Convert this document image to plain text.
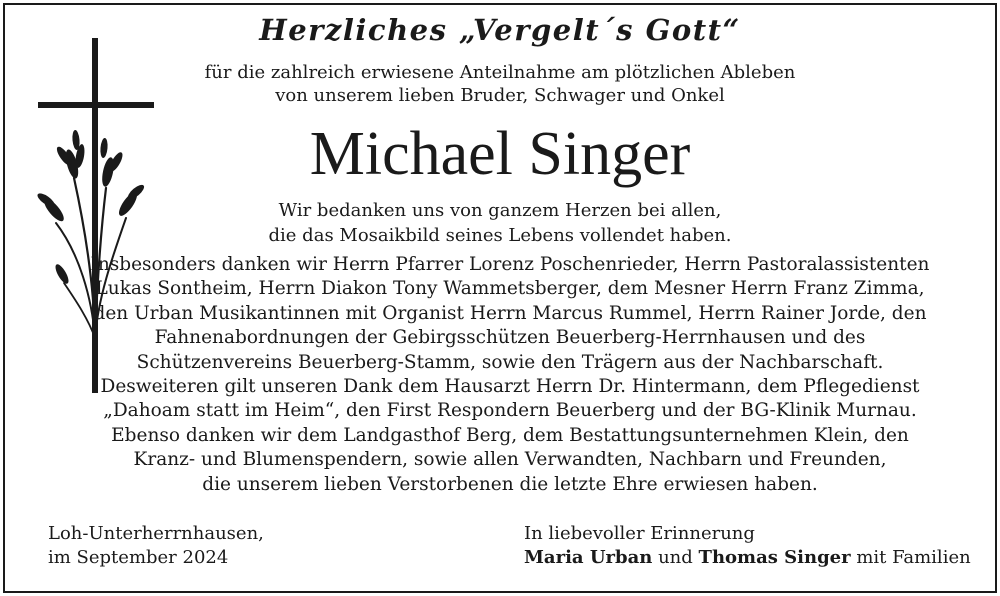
Herzliches „Vergelt´s Gott“
für die zahlreich erwiesene Anteilnahme am plötzlichen Ableben
von unserem lieben Bruder, Schwager und Onkel
Michael Singer
Wir bedanken uns von ganzem Herzen bei allen,
die das Mosaikbild seines Lebens vollendet haben.
Insbesonders danken wir Herrn Pfarrer Lorenz Poschenrieder, Herrn Pastoralassistenten
Lukas Sontheim, Herrn Diakon Tony Wammetsberger, dem Mesner Herrn Franz Zimma,
den Urban Musikantinnen mit Organist Herrn Marcus Rummel, Herrn Rainer Jorde, den
Fahnenabordnungen der Gebirgsschützen Beuerberg-Herrnhausen und des
Schützenvereins Beuerberg-Stamm, sowie den Trägern aus der Nachbarschaft.
Desweiteren gilt unseren Dank dem Hausarzt Herrn Dr. Hintermann, dem Pflegedienst
„Dahoam statt im Heim“, den First Respondern Beuerberg und der BG-Klinik Murnau.
Ebenso danken wir dem Landgasthof Berg, dem Bestattungsunternehmen Klein, den
Kranz- und Blumenspendern, sowie allen Verwandten, Nachbarn und Freunden,
die unserem lieben Verstorbenen die letzte Ehre erwiesen haben.
Loh-Unterherrnhausen,
im September 2024
In liebevoller Erinnerung
Maria Urban und Thomas Singer mit Familien
